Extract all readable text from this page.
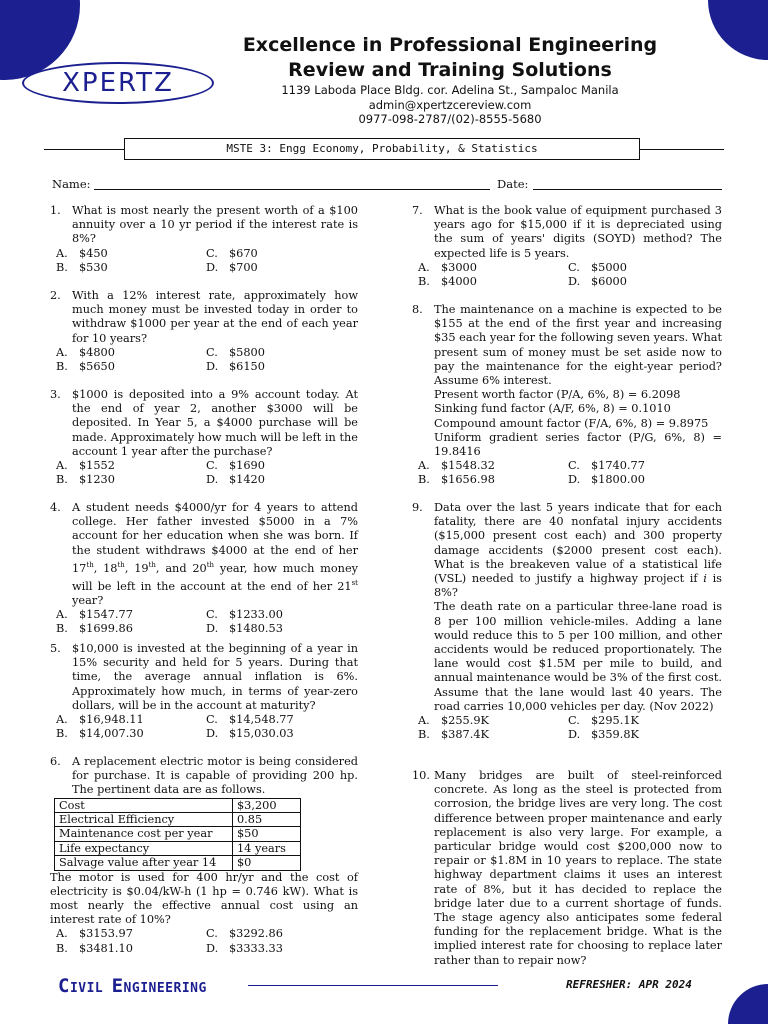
XPERTZ
Excellence in Professional Engineering
Review and Training Solutions
1139 Laboda Place Bldg. cor. Adelina St., Sampaloc Manila
admin@xpertzcereview.com
0977-098-2787/(02)-8555-5680
MSTE 3: Engg Economy, Probability, & Statistics
Name:	Date:
1. What is most nearly the present worth of a $100 annuity over a 10 yr period if the interest rate is 8%?
A. $450	C. $670
B. $530	D. $700
2. With a 12% interest rate, approximately how much money must be invested today in order to withdraw $1000 per year at the end of each year for 10 years?
A. $4800	C. $5800
B. $5650	D. $6150
3. $1000 is deposited into a 9% account today. At the end of year 2, another $3000 will be deposited. In Year 5, a $4000 purchase will be made. Approximately how much will be left in the account 1 year after the purchase?
A. $1552	C. $1690
B. $1230	D. $1420
4. A student needs $4000/yr for 4 years to attend college. Her father invested $5000 in a 7% account for her education when she was born. If the student withdraws $4000 at the end of her 17th, 18th, 19th, and 20th year, how much money will be left in the account at the end of her 21st year?
A. $1547.77	C. $1233.00
B. $1699.86	D. $1480.53
5. $10,000 is invested at the beginning of a year in 15% security and held for 5 years. During that time, the average annual inflation is 6%. Approximately how much, in terms of year-zero dollars, will be in the account at maturity?
A. $16,948.11	C. $14,548.77
B. $14,007.30	D. $15,030.03
6. A replacement electric motor is being considered for purchase. It is capable of providing 200 hp. The pertinent data are as follows.
Cost	$3,200
Electrical Efficiency	0.85
Maintenance cost per year	$50
Life expectancy	14 years
Salvage value after year 14	$0
The motor is used for 400 hr/yr and the cost of electricity is $0.04/kW-h (1 hp = 0.746 kW). What is most nearly the effective annual cost using an interest rate of 10%?
A. $3153.97	C. $3292.86
B. $3481.10	D. $3333.33
7. What is the book value of equipment purchased 3 years ago for $15,000 if it is depreciated using the sum of years' digits (SOYD) method? The expected life is 5 years.
A. $3000	C. $5000
B. $4000	D. $6000
8. The maintenance on a machine is expected to be $155 at the end of the first year and increasing $35 each year for the following seven years. What present sum of money must be set aside now to pay the maintenance for the eight-year period? Assume 6% interest.

Present worth factor (P/A, 6%, 8) = 6.2098

Sinking fund factor (A/F, 6%, 8) = 0.1010

Compound amount factor (F/A, 6%, 8) = 9.8975

Uniform gradient series factor (P/G, 6%, 8) = 19.8416

A. $1548.32	C. $1740.77
B. $1656.98	D. $1800.00
9. Data over the last 5 years indicate that for each fatality, there are 40 nonfatal injury accidents ($15,000 present cost each) and 300 property damage accidents ($2000 present cost each). What is the breakeven value of a statistical life (VSL) needed to justify a highway project if i is 8%?

The death rate on a particular three-lane road is 8 per 100 million vehicle-miles. Adding a lane would reduce this to 5 per 100 million, and other accidents would be reduced proportionately. The lane would cost $1.5M per mile to build, and annual maintenance would be 3% of the first cost. Assume that the lane would last 40 years. The road carries 10,000 vehicles per day. (Nov 2022)

A. $255.9K	C. $295.1K
B. $387.4K	D. $359.8K
10. Many bridges are built of steel-reinforced concrete. As long as the steel is protected from corrosion, the bridge lives are very long. The cost difference between proper maintenance and early replacement is also very large. For example, a particular bridge would cost $200,000 now to repair or $1.8M in 10 years to replace. The state highway department claims it uses an interest rate of 8%, but it has decided to replace the bridge later due to a current shortage of funds. The stage agency also anticipates some federal funding for the replacement bridge. What is the implied interest rate for choosing to replace later rather than to repair now?
CIVIL ENGINEERING	REFRESHER: APR 2024
